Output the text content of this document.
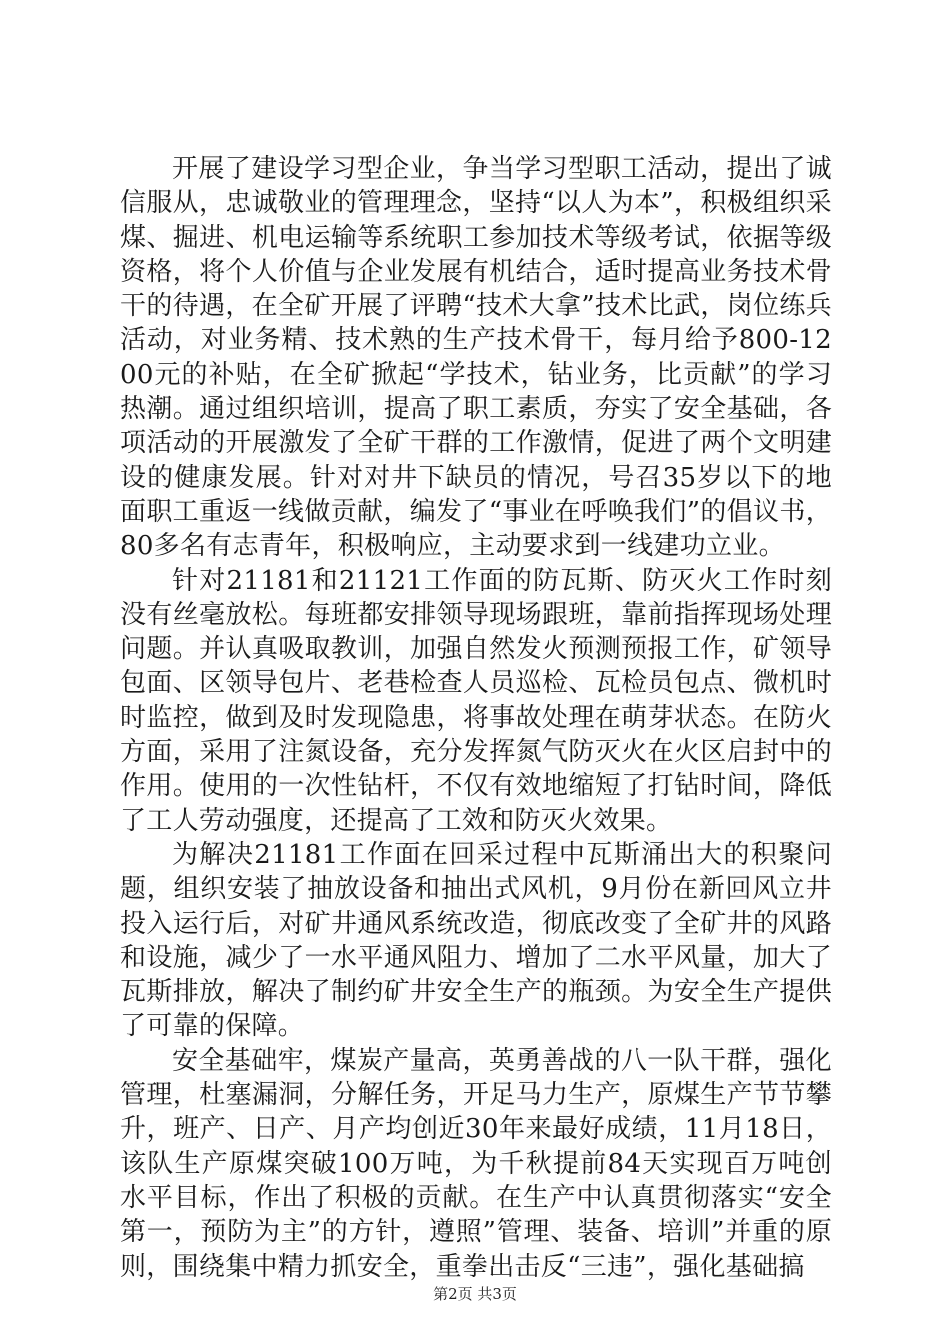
开展了建设学习型企业，争当学习型职工活动，提出了诚信服从，忠诚敬业的管理理念，坚持“以人为本”，积极组织采煤、掘进、机电运输等系统职工参加技术等级考试，依据等级资格，将个人价值与企业发展有机结合，适时提高业务技术骨干的待遇，在全矿开展了评聘“技术大拿”技术比武，岗位练兵活动，对业务精、技术熟的生产技术骨干，每月给予800-1200元的补贴，在全矿掀起“学技术，钻业务，比贡献”的学习热潮。通过组织培训，提高了职工素质，夯实了安全基础，各项活动的开展激发了全矿干群的工作激情，促进了两个文明建设的健康发展。针对对井下缺员的情况，号召35岁以下的地面职工重返一线做贡献，编发了“事业在呼唤我们”的倡议书，80多名有志青年，积极响应，主动要求到一线建功立业。

针对21181和21121工作面的防瓦斯、防灭火工作时刻没有丝毫放松。每班都安排领导现场跟班，靠前指挥现场处理问题。并认真吸取教训，加强自然发火预测预报工作，矿领导包面、区领导包片、老巷检查人员巡检、瓦检员包点、微机时时监控，做到及时发现隐患，将事故处理在萌芽状态。在防火方面，采用了注氮设备，充分发挥氮气防灭火在火区启封中的作用。使用的一次性钻杆，不仅有效地缩短了打钻时间，降低了工人劳动强度，还提高了工效和防灭火效果。

为解决21181工作面在回采过程中瓦斯涌出大的积聚问题，组织安装了抽放设备和抽出式风机，9月份在新回风立井投入运行后，对矿井通风系统改造，彻底改变了全矿井的风路和设施，减少了一水平通风阻力、增加了二水平风量，加大了瓦斯排放，解决了制约矿井安全生产的瓶颈。为安全生产提供了可靠的保障。

安全基础牢，煤炭产量高，英勇善战的八一队干群，强化管理，杜塞漏洞，分解任务，开足马力生产，原煤生产节节攀升，班产、日产、月产均创近30年来最好成绩，11月18日，该队生产原煤突破100万吨，为千秋提前84天实现百万吨创水平目标，作出了积极的贡献。在生产中认真贯彻落实“安全第一，预防为主”的方针，遵照”管理、装备、培训”并重的原则，围绕集中精力抓安全，重拳出击反“三违”，强化基础搞

第2页 共3页
